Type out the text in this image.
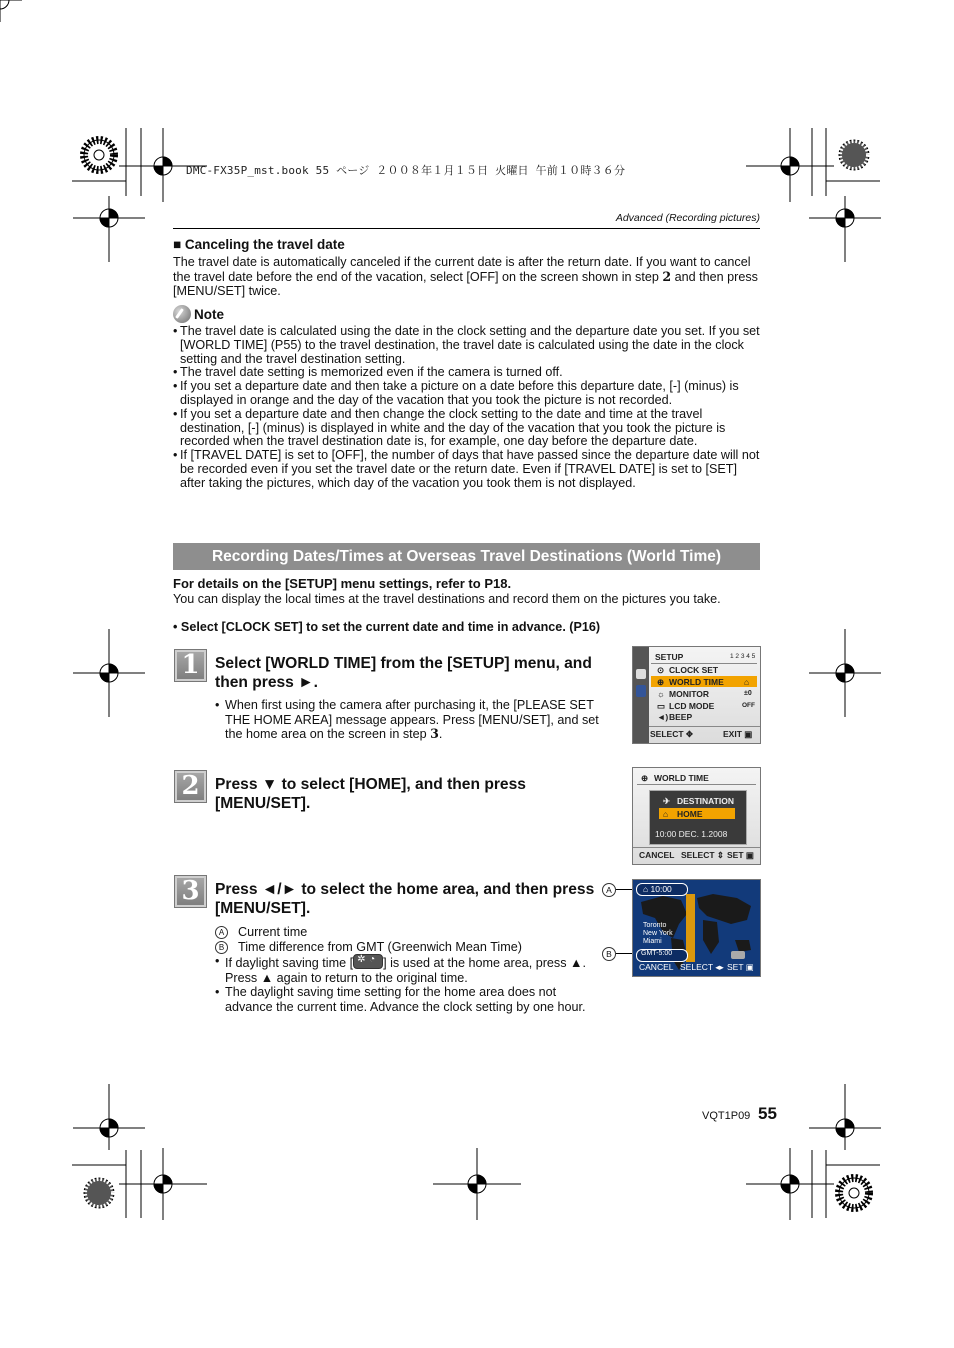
DMC-FX35P_mst.book 55 ページ ２００８年１月１５日 火曜日 午前１０時３６分
Advanced (Recording pictures)
■ Canceling the travel date
The travel date is automatically canceled if the current date is after the return date. If you want to cancel the travel date before the end of the vacation, select [OFF] on the screen shown in step 2 and then press [MENU/SET] twice.
Note
• The travel date is calculated using the date in the clock setting and the departure date you set. If you set [WORLD TIME] (P55) to the travel destination, the travel date is calculated using the date in the clock setting and the travel destination setting.
• The travel date setting is memorized even if the camera is turned off.
• If you set a departure date and then take a picture on a date before this departure date, [-] (minus) is displayed in orange and the day of the vacation that you took the picture is not recorded.
• If you set a departure date and then change the clock setting to the date and time at the travel destination, [-] (minus) is displayed in white and the day of the vacation that you took the picture is recorded when the travel destination date is, for example, one day before the departure date.
• If [TRAVEL DATE] is set to [OFF], the number of days that have passed since the departure date will not be recorded even if you set the travel date or the return date. Even if [TRAVEL DATE] is set to [SET] after taking the pictures, which day of the vacation you took them is not displayed.
Recording Dates/Times at Overseas Travel Destinations (World Time)
For details on the [SETUP] menu settings, refer to P18.
You can display the local times at the travel destinations and record them on the pictures you take.
• Select [CLOCK SET] to set the current date and time in advance. (P16)
1 Select [WORLD TIME] from the [SETUP] menu, and then press ►.
• When first using the camera after purchasing it, the [PLEASE SET THE HOME AREA] message appears. Press [MENU/SET], and set the home area on the screen in step 3.
SETUP	1 2 3 4 5
⊙ CLOCK SET
⊕ WORLD TIME ⌂
☼ MONITOR	±0
▭ LCD MODE	OFF
◄) BEEP
SELECT ✥	EXIT ▣
2 Press ▼ to select [HOME], and then press [MENU/SET].
⊕ WORLD TIME
✈ DESTINATION
⌂ HOME
10:00 DEC. 1.2008
CANCEL SELECT ⇕ SET ▣
3 Press ◄/► to select the home area, and then press [MENU/SET].
A Current time
B Time difference from GMT (Greenwich Mean Time)
• If daylight saving time [✲ ◔ ] is used at the home area, press ▲. Press ▲ again to return to the original time.
• The daylight saving time setting for the home area does not advance the current time. Advance the clock setting by one hour.
A
B
⌂ 10:00
Toronto
New York
Miami
GMT-5:00
CANCEL SELECT ◂▸ SET ▣
VQT1P09 55
